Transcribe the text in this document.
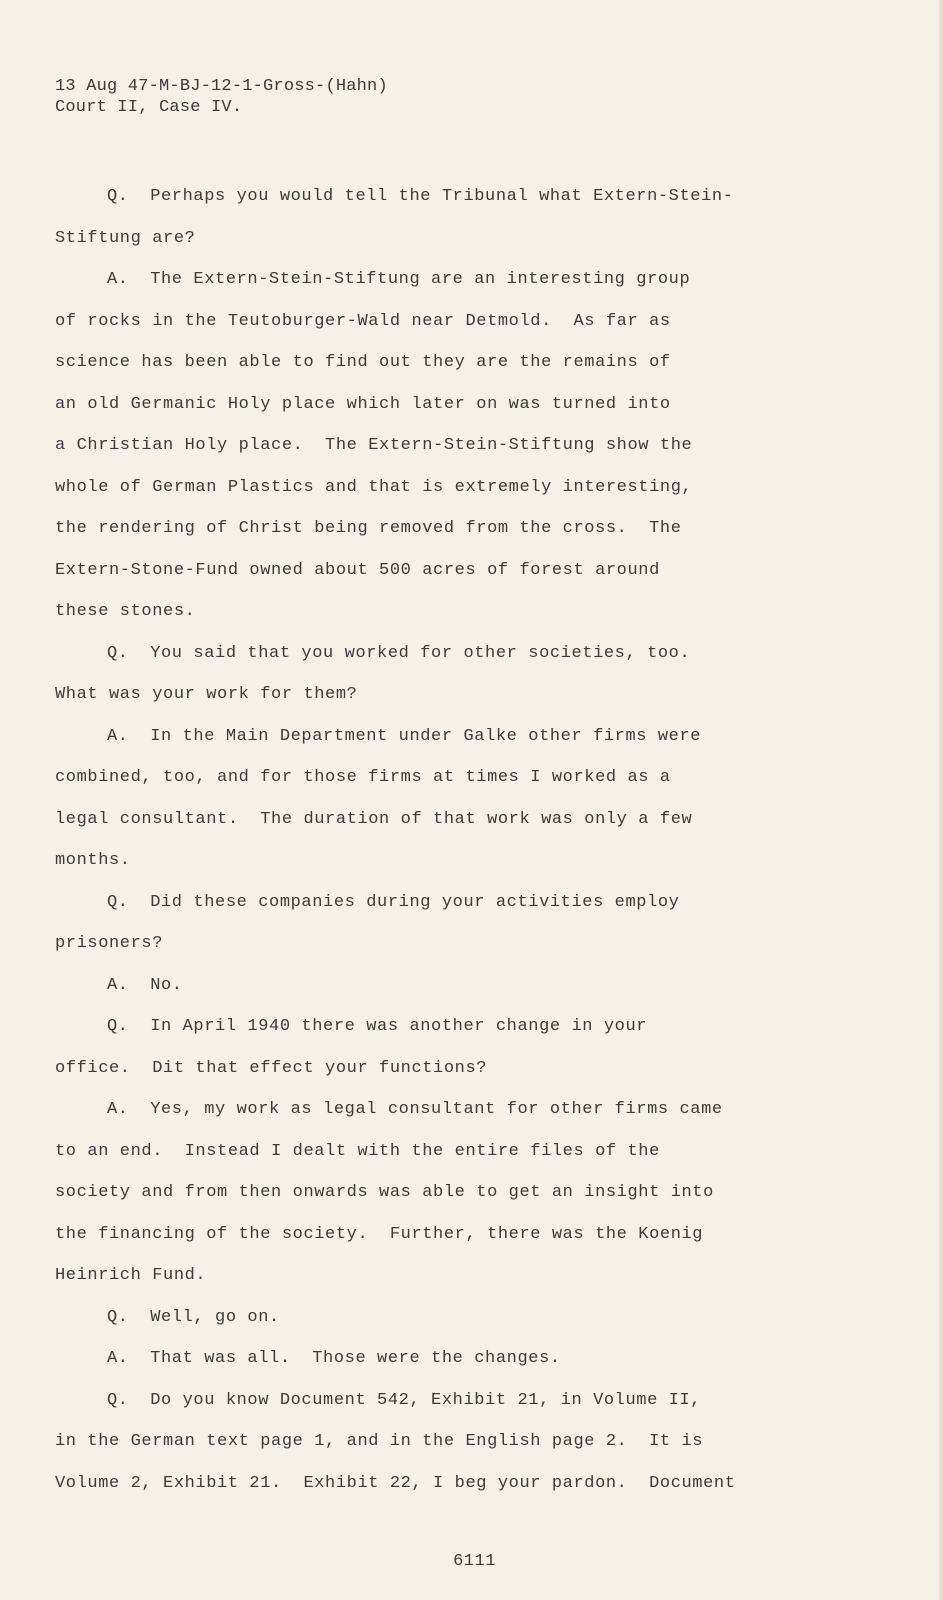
13 Aug 47-M-BJ-12-1-Gross-(Hahn)
Court II, Case IV.
Q.  Perhaps you would tell the Tribunal what Extern-Stein-
Stiftung are?
A.  The Extern-Stein-Stiftung are an interesting group
of rocks in the Teutoburger-Wald near Detmold.  As far as
science has been able to find out they are the remains of
an old Germanic Holy place which later on was turned into
a Christian Holy place.  The Extern-Stein-Stiftung show the
whole of German Plastics and that is extremely interesting,
the rendering of Christ being removed from the cross.  The
Extern-Stone-Fund owned about 500 acres of forest around
these stones.
Q.  You said that you worked for other societies, too.
What was your work for them?
A.  In the Main Department under Galke other firms were
combined, too, and for those firms at times I worked as a
legal consultant.  The duration of that work was only a few
months.
Q.  Did these companies during your activities employ
prisoners?
A.  No.
Q.  In April 1940 there was another change in your
office.  Dit that effect your functions?
A.  Yes, my work as legal consultant for other firms came
to an end.  Instead I dealt with the entire files of the
society and from then onwards was able to get an insight into
the financing of the society.  Further, there was the Koenig
Heinrich Fund.
Q.  Well, go on.
A.  That was all.  Those were the changes.
Q.  Do you know Document 542, Exhibit 21, in Volume II,
in the German text page 1, and in the English page 2.  It is
Volume 2, Exhibit 21.  Exhibit 22, I beg your pardon.  Document
6111
